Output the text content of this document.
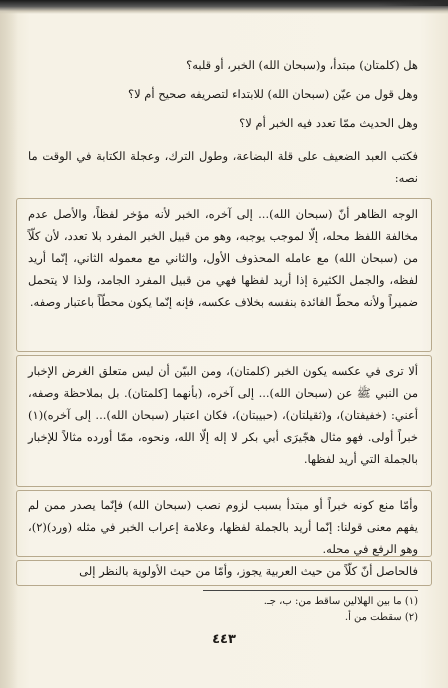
هل (كلمتان) مبتدأ، و(سبحان الله) الخبر، أو قلبه؟
وهل قول من عيّن (سبحان الله) للابتداء لتصريفه صحيح أم لا؟
وهل الحديث ممّا تعدد فيه الخبر أم لا؟
فكتب العبد الضعيف على قلة البضاعة، وطول الترك، وعجلة الكتابة في الوقت ما نصه:
الوجه الظاهر أنّ (سبحان الله)... إلى آخره، الخبر لأنه مؤخر لفظاً، والأصل عدم مخالفة اللفظ محله، إلّا لموجب يوجبه، وهو من قبيل الخبر المفرد بلا تعدد، لأن كلّاً من (سبحان الله) مع عامله المحذوف الأول، والثاني مع معموله الثاني، إنّما أريد لفظه، والجمل الكثيرة إذا أريد لفظها فهي من قبيل المفرد الجامد، ولذا لا يتحمل ضميراً ولأنه محطّ الفائدة بنفسه بخلاف عكسه، فإنه إنّما يكون محطّاً باعتبار وصفه.
ألا ترى في عكسه يكون الخبر (كلمتان)، ومن البيّن أن ليس متعلق الغرض الإخبار من النبي ﷺ عن (سبحان الله)... إلى آخره، (بأنهما [كلمتان). بل بملاحظة وصفه، أعني: (خفيفتان)، و(ثقيلتان)، (حبيبتان)، فكان اعتبار (سبحان الله)... إلى آخره)(١) خبراً أولى. فهو مثال هجّيرَى أبي بكر لا إله إلّا الله، ونحوه، ممّا أورده مثالاً للإخبار بالجملة التي أريد لفظها.
وأمّا منع كونه خبراً أو مبتدأ بسبب لزوم نصب (سبحان الله) فإنّما يصدر ممن لم يفهم معنى قولنا: إنّما أريد بالجملة لفظها، وعلامة إعراب الخبر في مثله (ورد)(٢)، وهو الرفع في محله.
فالحاصل أنّ كلّاً من حيث العربية يجوز، وأمّا من حيث الأولوية بالنظر إلى
(١) ما بين الهلالين ساقط من: ب، جـ.
(٢) سقطت من أ.
٤٤٣
